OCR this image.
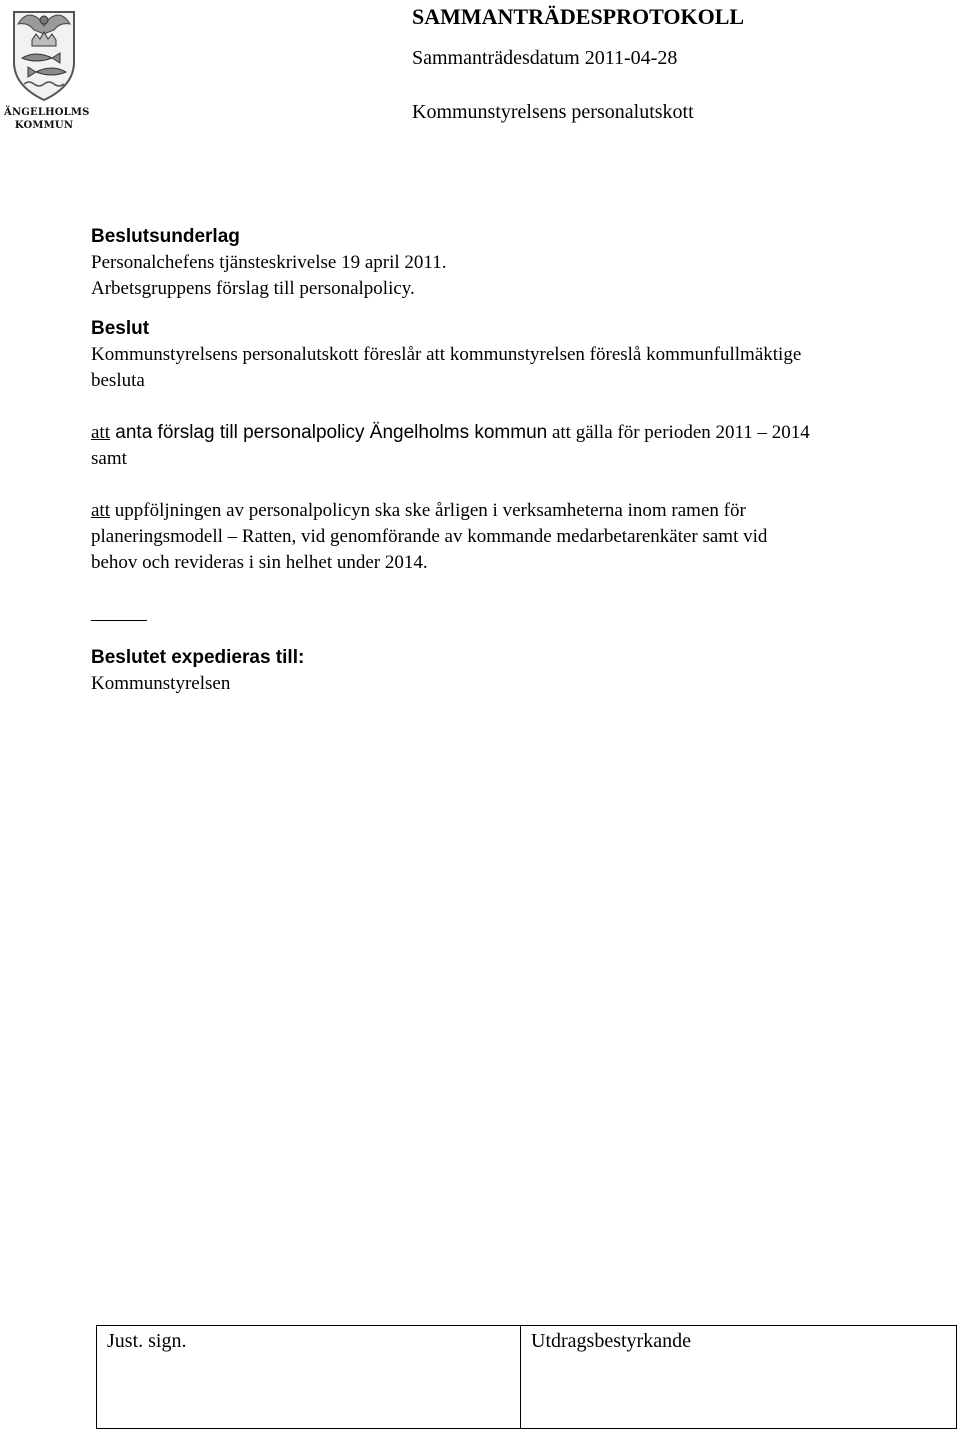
ÄNGELHOLMS
KOMMUN

SAMMANTRÄDESPROTOKOLL

Sammanträdesdatum 2011-04-28

Kommunstyrelsens personalutskott

Beslutsunderlag

Personalchefens tjänsteskrivelse 19 april 2011.

Arbetsgruppens förslag till personalpolicy.

Beslut

Kommunstyrelsens personalutskott föreslår att kommunstyrelsen föreslå kommunfullmäktige

besluta

att anta förslag till personalpolicy Ängelholms kommun att gälla för perioden 2011 – 2014

samt

att uppföljningen av personalpolicyn ska ske årligen i verksamheterna inom ramen för

planeringsmodell – Ratten, vid genomförande av kommande medarbetarenkäter samt vid

behov och revideras i sin helhet under 2014.

Beslutet expedieras till:

Kommunstyrelsen

Just. sign.	Utdragsbestyrkande
